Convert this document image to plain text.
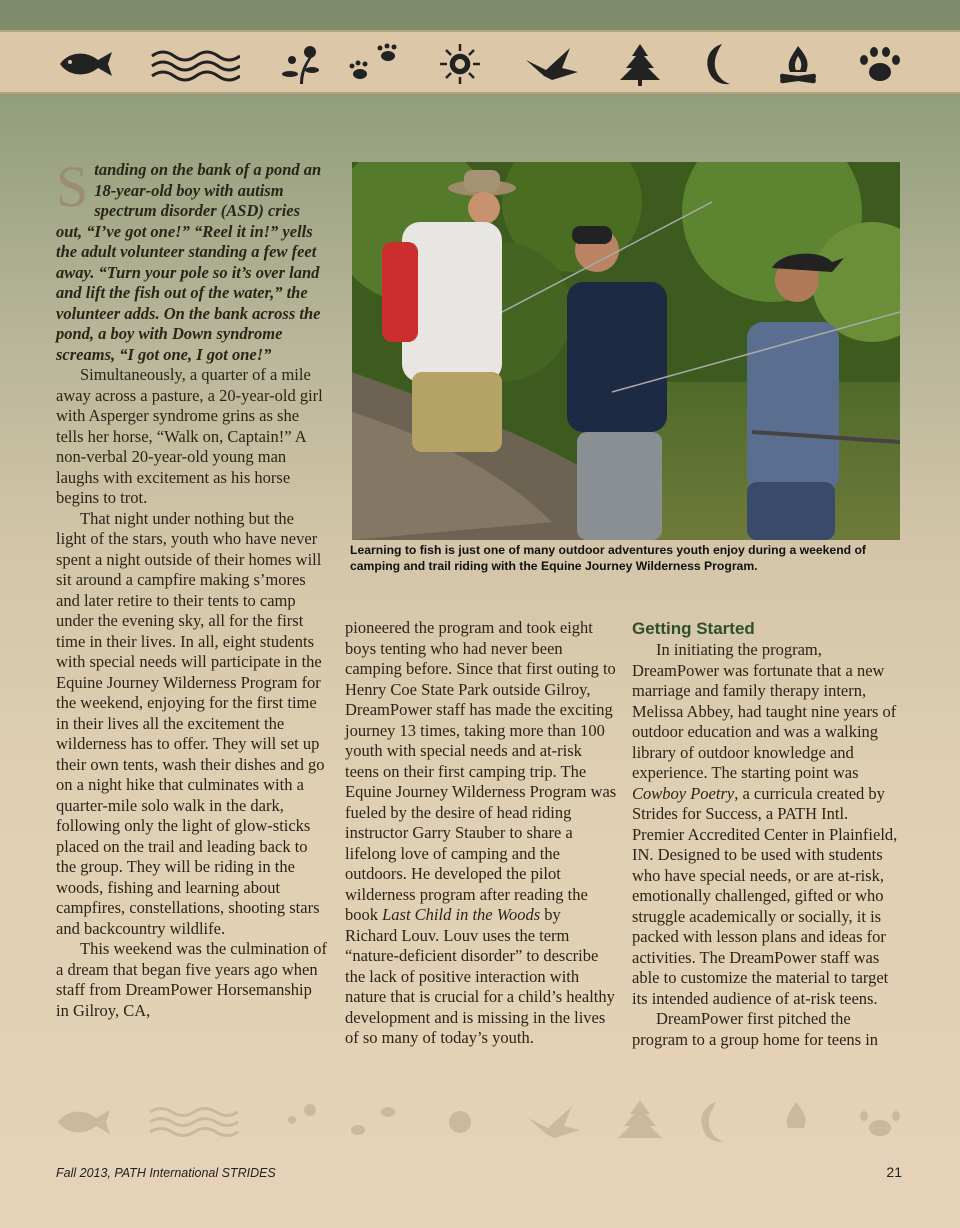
Standing on the bank of a pond an 18-year-old boy with autism spectrum disorder (ASD) cries out, “I’ve got one!” “Reel it in!” yells the adult volunteer standing a few feet away. “Turn your pole so it’s over land and lift the fish out of the water,” the volunteer adds. On the bank across the pond, a boy with Down syndrome screams, “I got one, I got one!”

Simultaneously, a quarter of a mile away across a pasture, a 20-year-old girl with Asperger syndrome grins as she tells her horse, “Walk on, Captain!” A non-verbal 20-year-old young man laughs with excitement as his horse begins to trot.

That night under nothing but the light of the stars, youth who have never spent a night outside of their homes will sit around a campfire making s’mores and later retire to their tents to camp under the evening sky, all for the first time in their lives. In all, eight students with special needs will participate in the Equine Journey Wilderness Program for the weekend, enjoying for the first time in their lives all the excitement the wilderness has to offer. They will set up their own tents, wash their dishes and go on a night hike that culminates with a quarter-mile solo walk in the dark, following only the light of glow-sticks placed on the trail and leading back to the group. They will be riding in the woods, fishing and learning about campfires, constellations, shooting stars and backcountry wildlife.

This weekend was the culmination of a dream that began five years ago when staff from DreamPower Horsemanship in Gilroy, CA,

Learning to fish is just one of many outdoor adventures youth enjoy during a weekend of camping and trail riding with the Equine Journey Wilderness Program.

pioneered the program and took eight boys tenting who had never been camping before. Since that first outing to Henry Coe State Park outside Gilroy, DreamPower staff has made the exciting journey 13 times, taking more than 100 youth with special needs and at-risk teens on their first camping trip. The Equine Journey Wilderness Program was fueled by the desire of head riding instructor Garry Stauber to share a lifelong love of camping and the outdoors. He developed the pilot wilderness program after reading the book Last Child in the Woods by Richard Louv. Louv uses the term “nature-deficient disorder” to describe the lack of positive interaction with nature that is crucial for a child’s healthy development and is missing in the lives of so many of today’s youth.

Getting Started

In initiating the program, DreamPower was fortunate that a new marriage and family therapy intern, Melissa Abbey, had taught nine years of outdoor education and was a walking library of outdoor knowledge and experience. The starting point was Cowboy Poetry, a curricula created by Strides for Success, a PATH Intl. Premier Accredited Center in Plainfield, IN. Designed to be used with students who have special needs, or are at-risk, emotionally challenged, gifted or who struggle academically or socially, it is packed with lesson plans and ideas for activities. The DreamPower staff was able to customize the material to target its intended audience of at-risk teens.

DreamPower first pitched the program to a group home for teens in

Fall 2013, PATH International STRIDES	21
